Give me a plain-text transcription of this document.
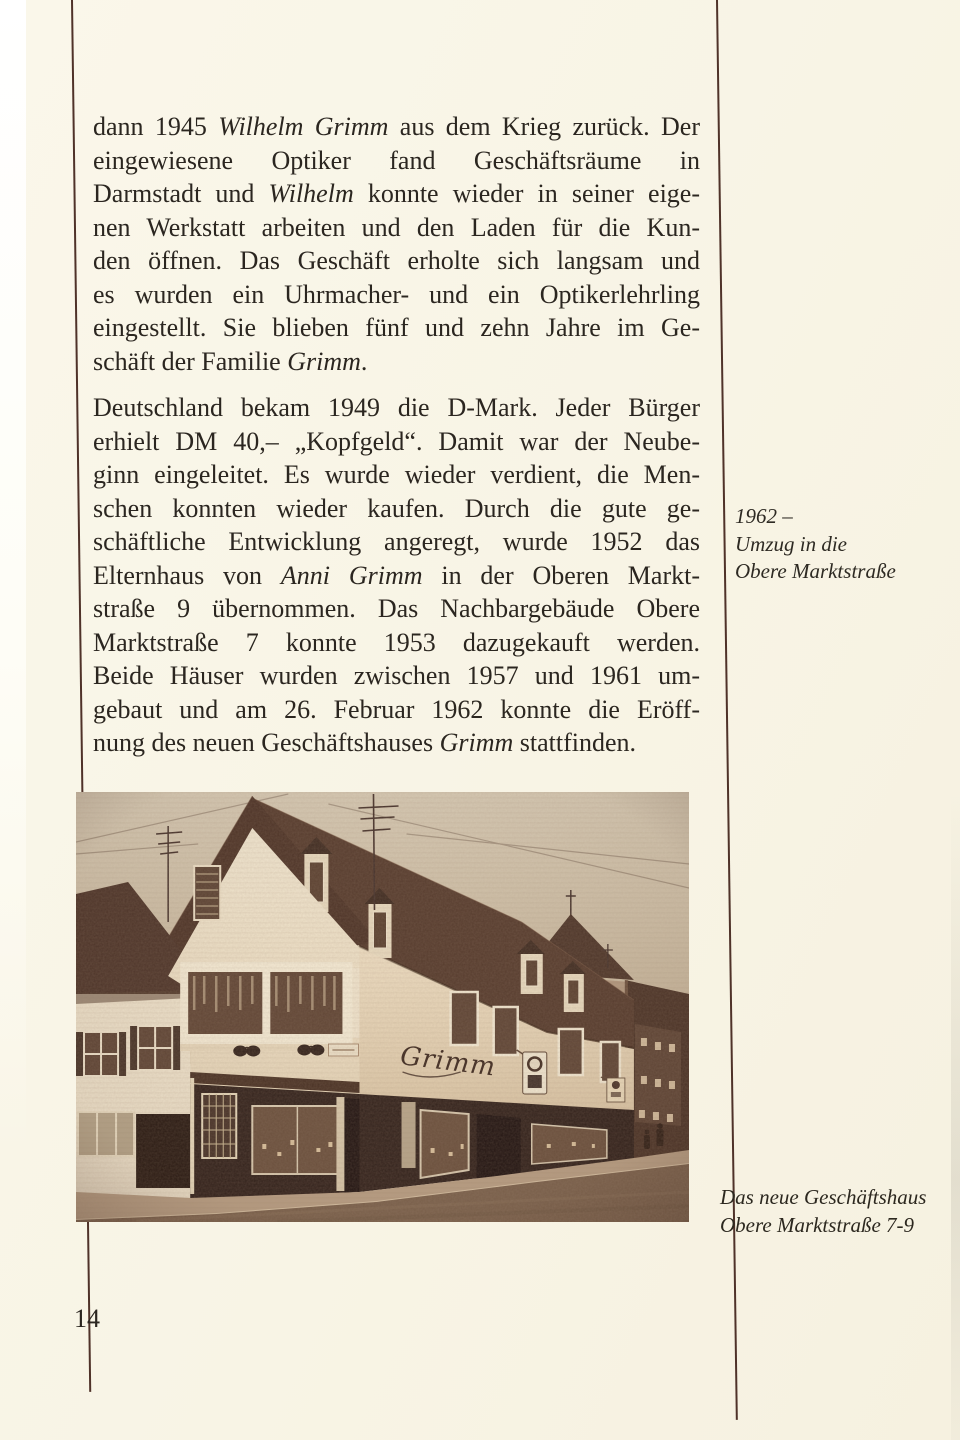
dann 1945 Wilhelm Grimm aus dem Krieg zurück. Der
eingewiesene Optiker fand Geschäftsräume in
Darmstadt und Wilhelm konnte wieder in seiner eige-
nen Werkstatt arbeiten und den Laden für die Kun-
den öffnen. Das Geschäft erholte sich langsam und
es wurden ein Uhrmacher- und ein Optikerlehrling
eingestellt. Sie blieben fünf und zehn Jahre im Ge-
schäft der Familie Grimm.
Deutschland bekam 1949 die D-Mark. Jeder Bürger
erhielt DM 40,– „Kopfgeld“. Damit war der Neube-
ginn eingeleitet. Es wurde wieder verdient, die Men-
schen konnten wieder kaufen. Durch die gute ge-
schäftliche Entwicklung angeregt, wurde 1952 das
Elternhaus von Anni Grimm in der Oberen Markt-
straße 9 übernommen. Das Nachbargebäude Obere
Marktstraße 7 konnte 1953 dazugekauft werden.
Beide Häuser wurden zwischen 1957 und 1961 um-
gebaut und am 26. Februar 1962 konnte die Eröff-
nung des neuen Geschäftshauses Grimm stattfinden.
1962 –
Umzug in die
Obere Marktstraße
Das neue Geschäftshaus
Obere Marktstraße 7-9
14
